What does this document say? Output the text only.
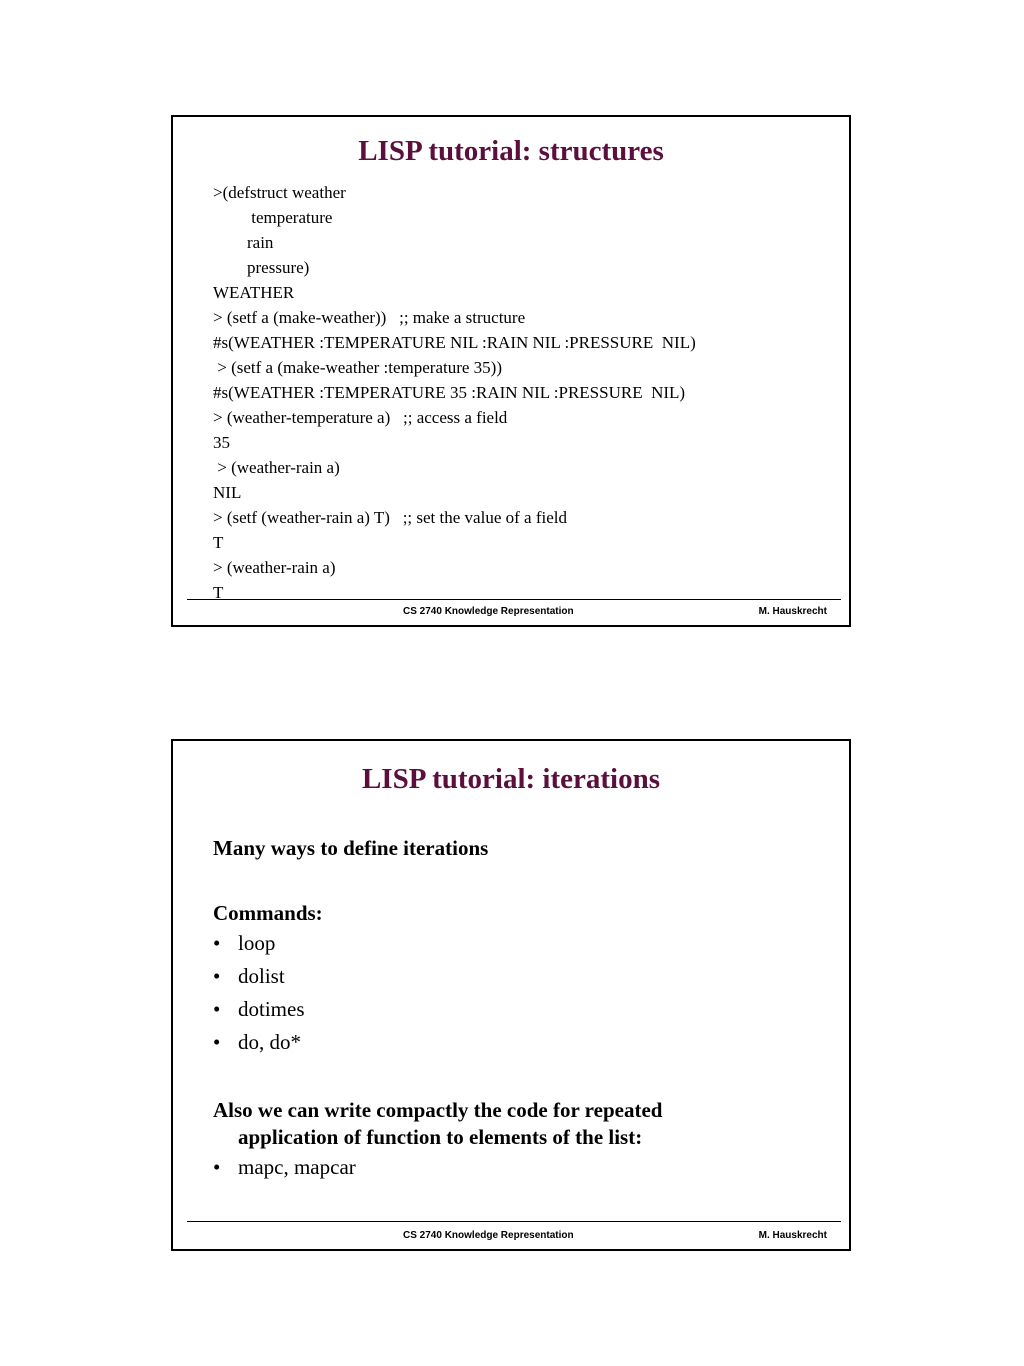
LISP tutorial: structures
>(defstruct weather
temperature
rain
pressure)
WEATHER
> (setf a (make-weather))   ;; make a structure
#s(WEATHER :TEMPERATURE NIL :RAIN NIL :PRESSURE  NIL)
> (setf a (make-weather :temperature 35))
#s(WEATHER :TEMPERATURE 35 :RAIN NIL :PRESSURE  NIL)
> (weather-temperature a)   ;; access a field
35
> (weather-rain a)
NIL
> (setf (weather-rain a) T)   ;; set the value of a field
T
> (weather-rain a)
T
CS 2740 Knowledge Representation	M. Hauskrecht
LISP tutorial: iterations

Many ways to define iterations

Commands:

• loop
• dolist
• dotimes
• do, do*

Also we can write compactly the code for repeated

application of function to elements of the list:

• mapc, mapcar
CS 2740 Knowledge Representation	M. Hauskrecht
